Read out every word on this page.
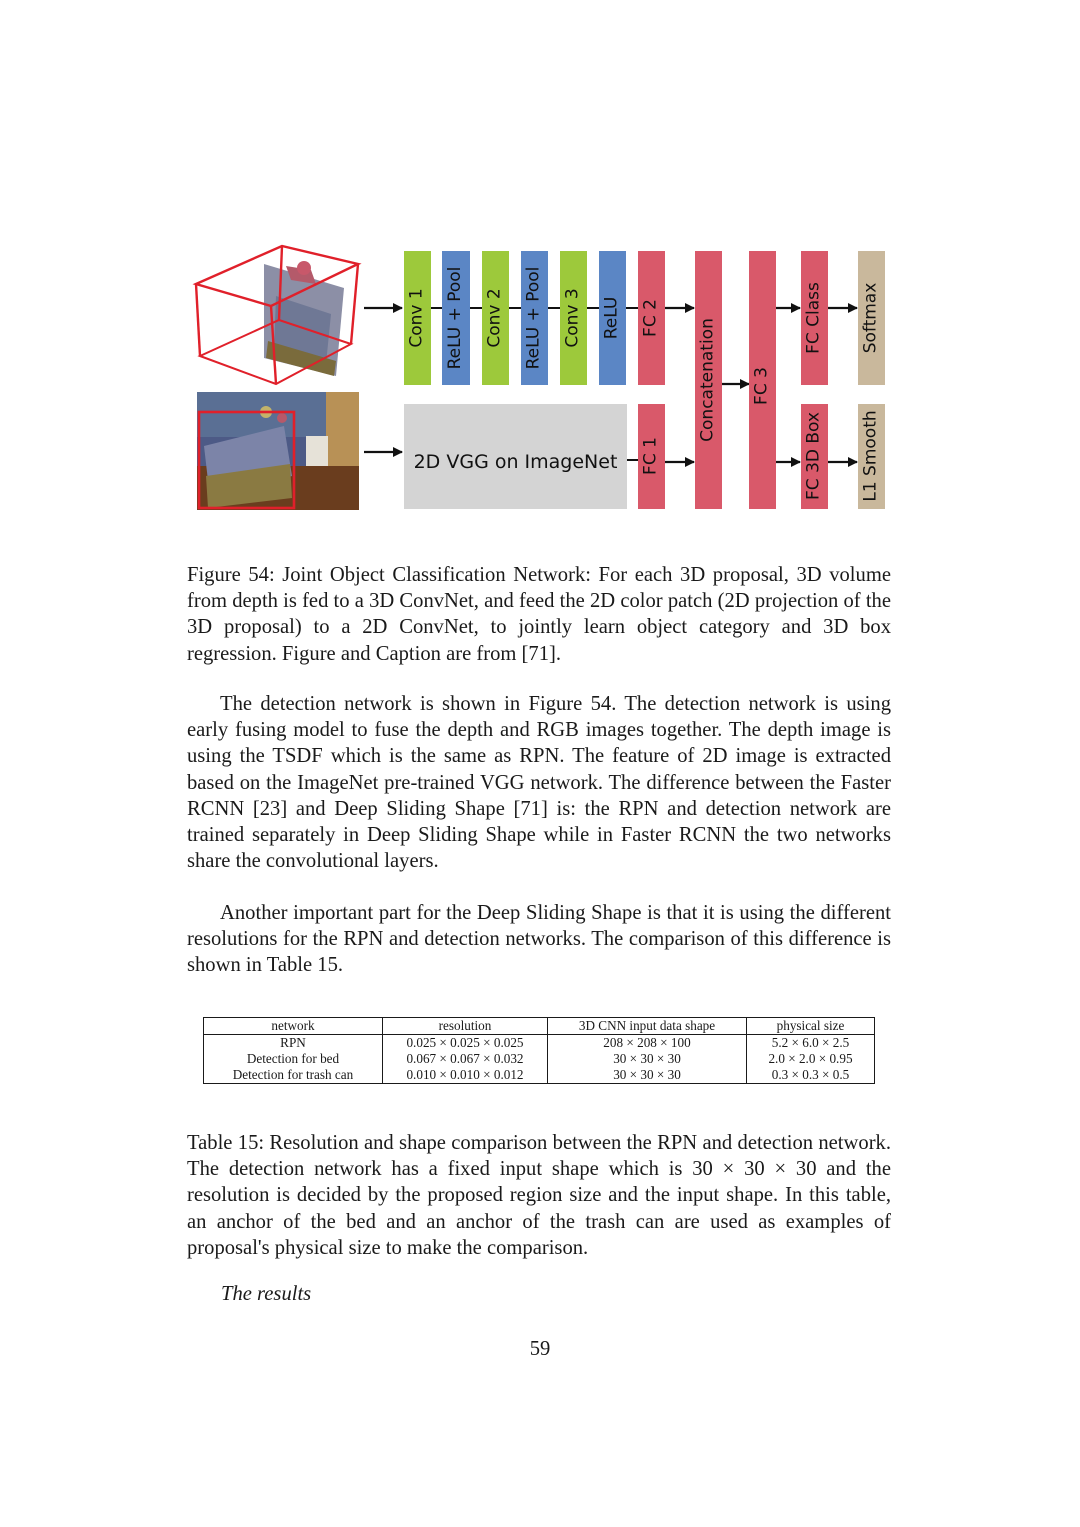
Conv 1 ReLU + Pool Conv 2 ReLU + Pool Conv 3 ReLU FC 2
2D VGG on ImageNet FC 1
Concatenation FC 3
FC Class Softmax
FC 3D Box L1 Smooth

Figure 54: Joint Object Classification Network: For each 3D proposal, 3D volume from depth is fed to a 3D ConvNet, and feed the 2D color patch (2D projection of the 3D proposal) to a 2D ConvNet, to jointly learn object category and 3D box regression. Figure and Caption are from [71].

The detection network is shown in Figure 54. The detection network is using early fusing model to fuse the depth and RGB images together. The depth image is using the TSDF which is the same as RPN. The feature of 2D image is extracted based on the ImageNet pre-trained VGG network. The difference between the Faster RCNN [23] and Deep Sliding Shape [71] is: the RPN and detection network are trained separately in Deep Sliding Shape while in Faster RCNN the two networks share the convolutional layers.

Another important part for the Deep Sliding Shape is that it is using the different resolutions for the RPN and detection networks. The comparison of this difference is shown in Table 15.

network	resolution	3D CNN input data shape	physical size
RPN	0.025 × 0.025 × 0.025	208 × 208 × 100	5.2 × 6.0 × 2.5
Detection for bed	0.067 × 0.067 × 0.032	30 × 30 × 30	2.0 × 2.0 × 0.95
Detection for trash can	0.010 × 0.010 × 0.012	30 × 30 × 30	0.3 × 0.3 × 0.5

Table 15: Resolution and shape comparison between the RPN and detection network. The detection network has a fixed input shape which is 30 × 30 × 30 and the resolution is decided by the proposed region size and the input shape. In this table, an anchor of the bed and an anchor of the trash can are used as examples of proposal's physical size to make the comparison.

The results

59
